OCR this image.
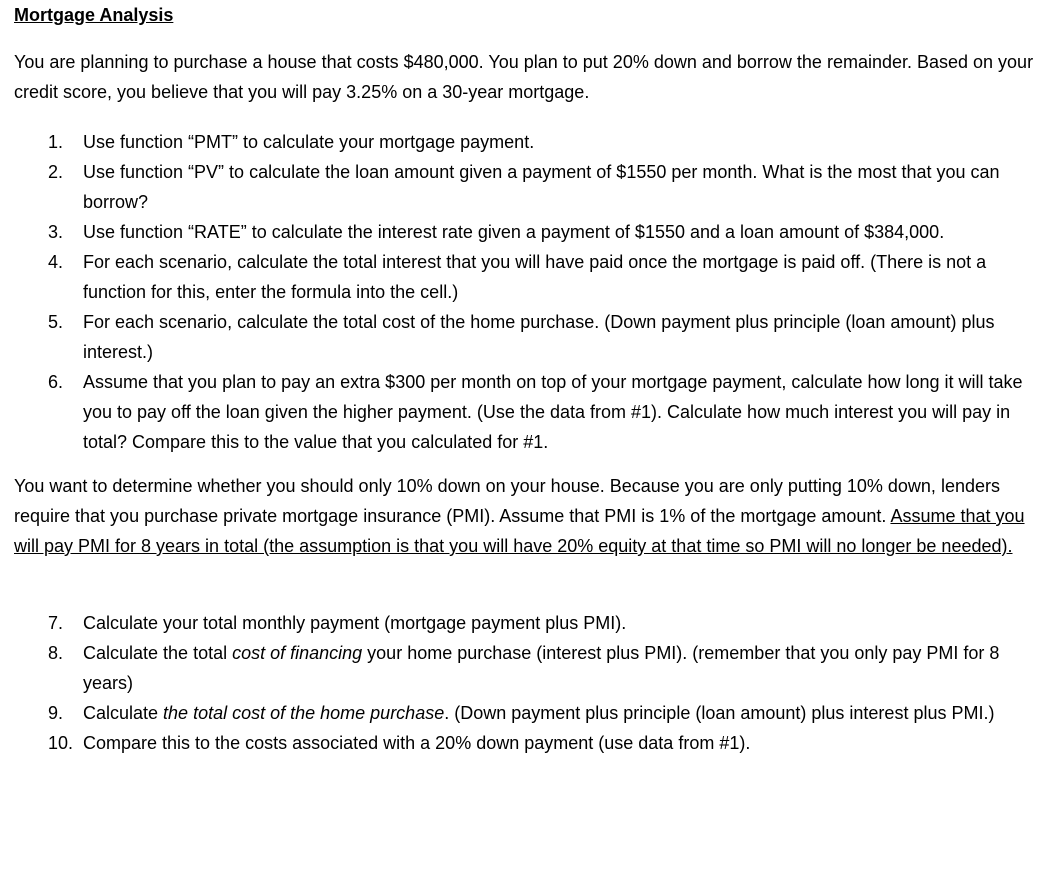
Mortgage Analysis

You are planning to purchase a house that costs $480,000. You plan to put 20% down and borrow the remainder. Based on your credit score, you believe that you will pay 3.25% on a 30-year mortgage.

1. Use function “PMT” to calculate your mortgage payment.
2. Use function “PV” to calculate the loan amount given a payment of $1550 per month. What is the most that you can borrow?
3. Use function “RATE” to calculate the interest rate given a payment of $1550 and a loan amount of $384,000.
4. For each scenario, calculate the total interest that you will have paid once the mortgage is paid off. (There is not a function for this, enter the formula into the cell.)
5. For each scenario, calculate the total cost of the home purchase. (Down payment plus principle (loan amount) plus interest.)
6. Assume that you plan to pay an extra $300 per month on top of your mortgage payment, calculate how long it will take you to pay off the loan given the higher payment. (Use the data from #1). Calculate how much interest you will pay in total? Compare this to the value that you calculated for #1.

You want to determine whether you should only 10% down on your house. Because you are only putting 10% down, lenders require that you purchase private mortgage insurance (PMI). Assume that PMI is 1% of the mortgage amount. Assume that you will pay PMI for 8 years in total (the assumption is that you will have 20% equity at that time so PMI will no longer be needed).

7. Calculate your total monthly payment (mortgage payment plus PMI).
8. Calculate the total cost of financing your home purchase (interest plus PMI). (remember that you only pay PMI for 8 years)
9. Calculate the total cost of the home purchase. (Down payment plus principle (loan amount) plus interest plus PMI.)
10. Compare this to the costs associated with a 20% down payment (use data from #1).
